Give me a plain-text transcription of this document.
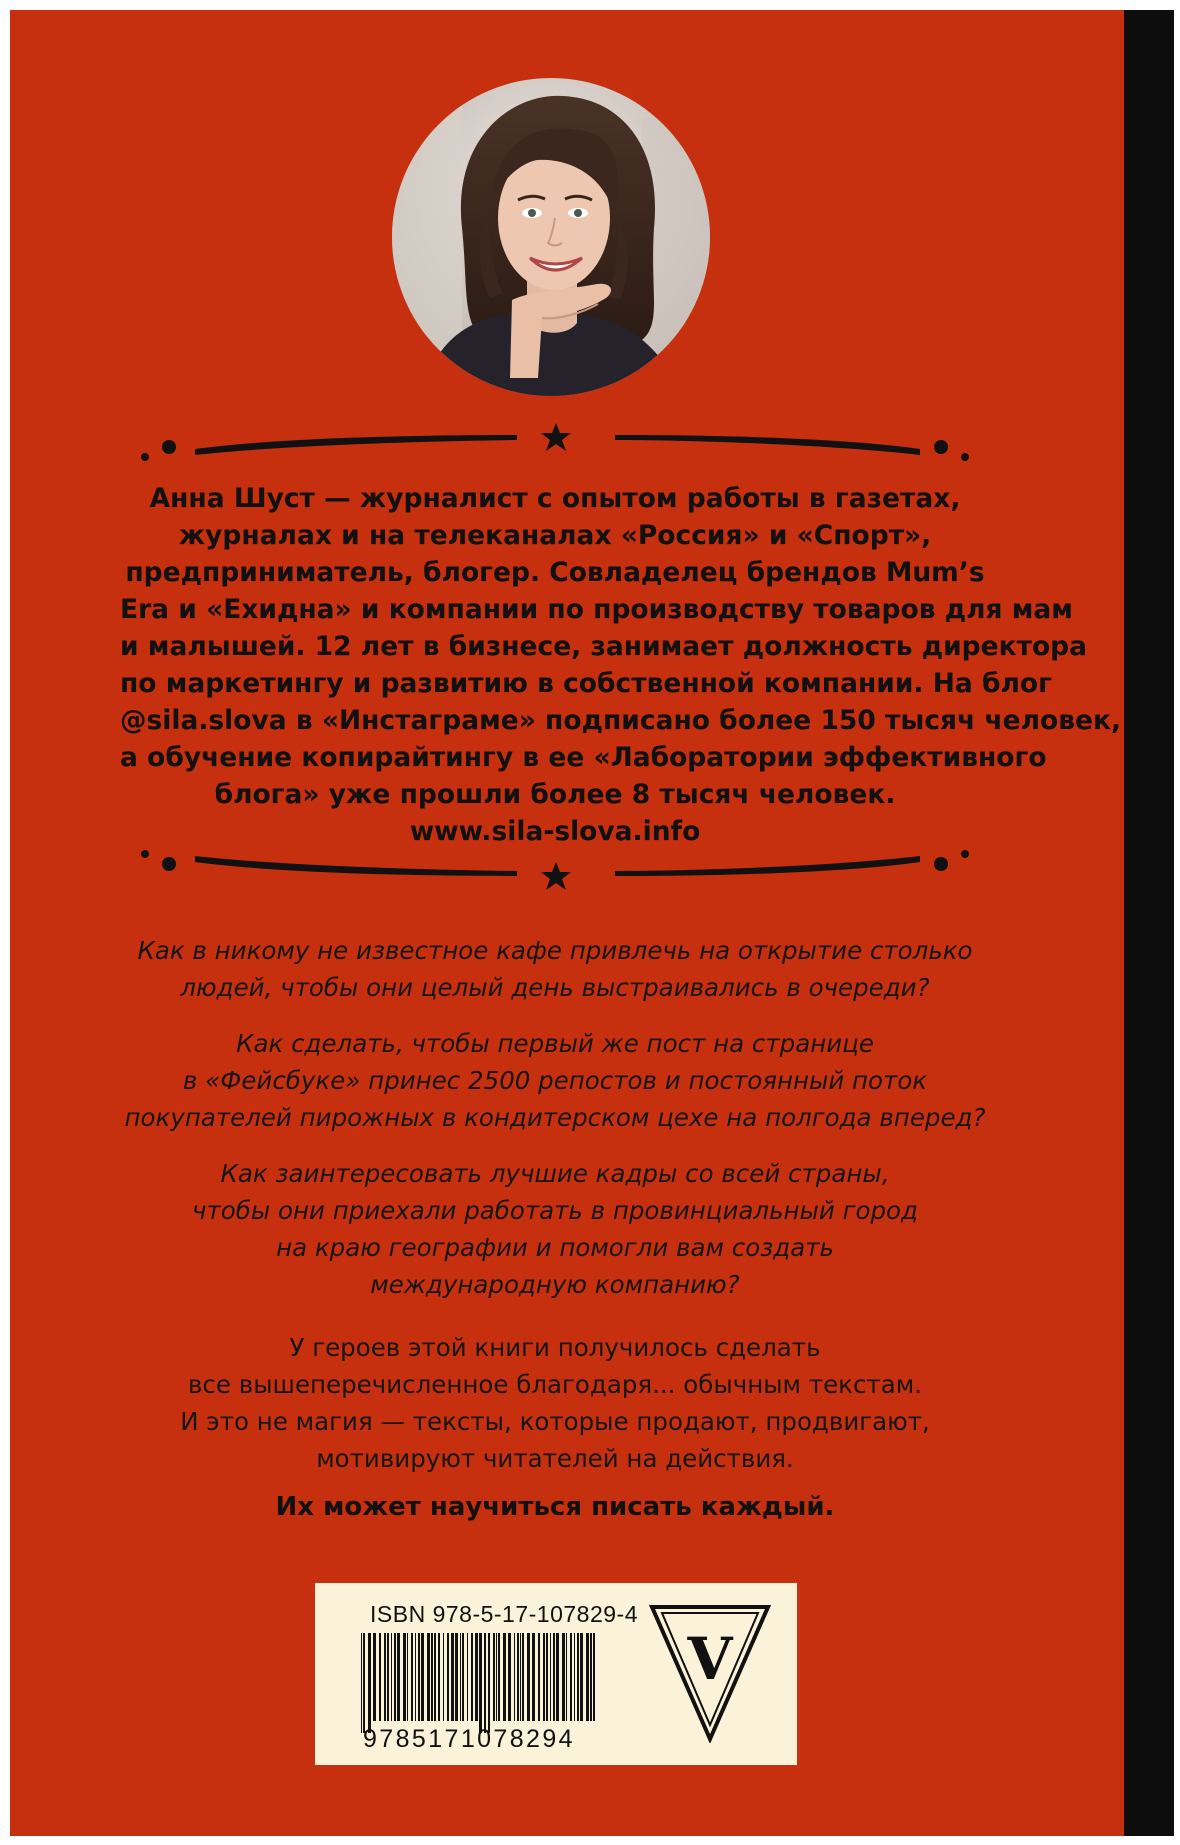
Анна Шуст — журналист с опытом работы в газетах,
журналах и на телеканалах «Россия» и «Спорт»,
предприниматель, блогер. Совладелец брендов Mum’s
Era и «Ехидна» и компании по производству товаров для мам
и малышей. 12 лет в бизнесе, занимает должность директора
по маркетингу и развитию в собственной компании. На блог
@sila.slova в «Инстаграме» подписано более 150 тысяч человек,
а обучение копирайтингу в ее «Лаборатории эффективного
блога» уже прошли более 8 тысяч человек.
www.sila-slova.info

Как в никому не известное кафе привлечь на открытие столько
людей, чтобы они целый день выстраивались в очереди?

Как сделать, чтобы первый же пост на странице
в «Фейсбуке» принес 2500 репостов и постоянный поток
покупателей пирожных в кондитерском цехе на полгода вперед?

Как заинтересовать лучшие кадры со всей страны,
чтобы они приехали работать в провинциальный город
на краю географии и помогли вам создать
международную компанию?

У героев этой книги получилось сделать
все вышеперечисленное благодаря... обычным текстам.
И это не магия — тексты, которые продают, продвигают,
мотивируют читателей на действия.

Их может научиться писать каждый.

ISBN 978-5-17-107829-4
9785171078294
V
